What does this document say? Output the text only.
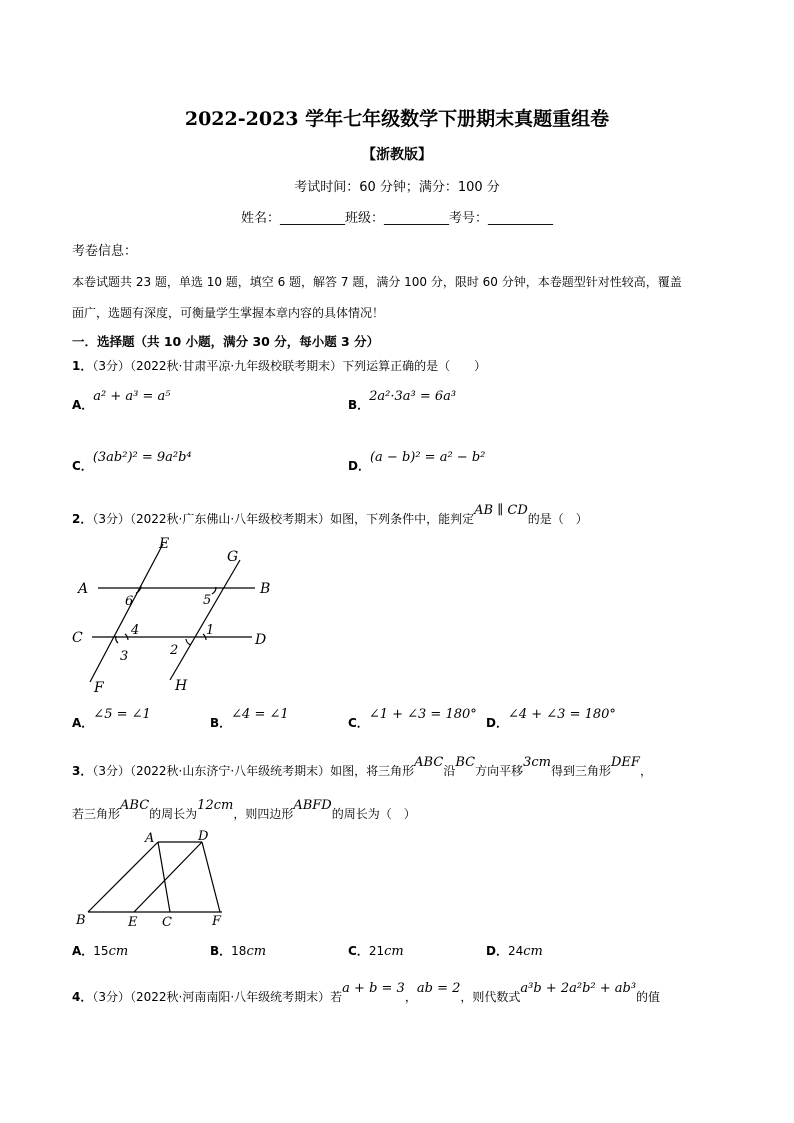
2022-2023 学年七年级数学下册期末真题重组卷
【浙教版】
考试时间：60 分钟；满分：100 分
姓名：__________班级：__________考号：__________
考卷信息：
本卷试题共 23 题，单选 10 题，填空 6 题，解答 7 题，满分 100 分，限时 60 分钟，本卷题型针对性较高，覆盖
面广，选题有深度，可衡量学生掌握本章内容的具体情况！
一．选择题（共 10 小题，满分 30 分，每小题 3 分）
1．（3分）（2022秋·甘肃平凉·九年级校联考期末）下列运算正确的是（　　）
A．$^{a^2 + a^3 = a^5}$
B．$^{2a^2\cdot 3a^3 = 6a^3}$
C．$^{(3ab^2)^2 = 9a^2b^4}$
D．$^{(a - b)^2 = a^2 - b^2}$
2．（3分）（2022秋·广东佛山·八年级校考期末）如图，下列条件中，能判定AB ∥ CD的是（　）
A	B
C	D
E
F
G
H
6	5
4
3
1
2
A．$^{\angle 5 = \angle 1}$
B．$^{\angle 4 = \angle 1}$
C．$^{\angle 1 + \angle 3 = 180^\circ}$
D．$^{\angle 4 + \angle 3 = 180^\circ}$
3．（3分）（2022秋·山东济宁·八年级统考期末）如图，将三角形ABC沿BC方向平移3cm得到三角形DEF，
若三角形ABC的周长为12cm，则四边形ABFD的周长为（　）
A	D
B	E C	F
A．15cm	B．18cm	C．21cm	D．24cm
4．（3分）（2022秋·河南南阳·八年级统考期末）若a + b = 3，ab = 2，则代数式a³b + 2a²b² + ab³的值
